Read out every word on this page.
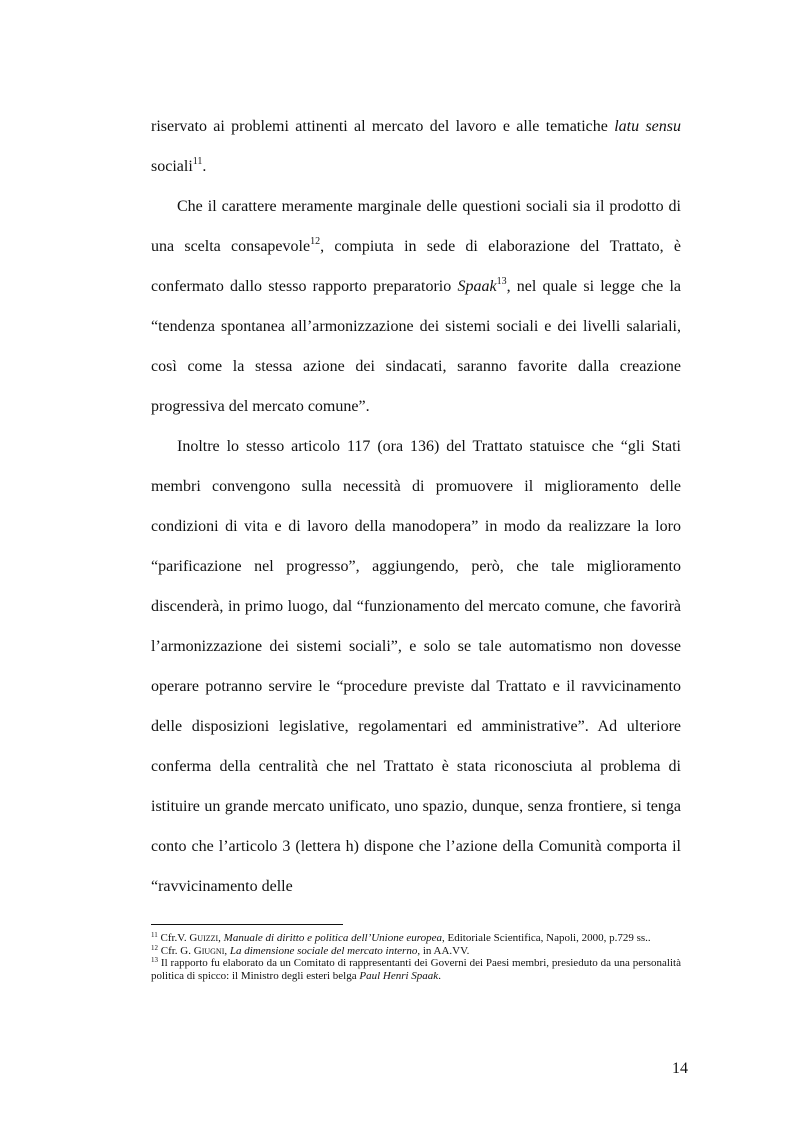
riservato ai problemi attinenti al mercato del lavoro e alle tematiche latu sensu sociali$^{11}$.

Che il carattere meramente marginale delle questioni sociali sia il prodotto di una scelta consapevole$^{12}$, compiuta in sede di elaborazione del Trattato, è confermato dallo stesso rapporto preparatorio Spaak$^{13}$, nel quale si legge che la “tendenza spontanea all’armonizzazione dei sistemi sociali e dei livelli salariali, così come la stessa azione dei sindacati, saranno favorite dalla creazione progressiva del mercato comune”.

Inoltre lo stesso articolo 117 (ora 136) del Trattato statuisce che “gli Stati membri convengono sulla necessità di promuovere il miglioramento delle condizioni di vita e di lavoro della manodopera” in modo da realizzare la loro “parificazione nel progresso”, aggiungendo, però, che tale miglioramento discenderà, in primo luogo, dal “funzionamento del mercato comune, che favorirà l’armonizzazione dei sistemi sociali”, e solo se tale automatismo non dovesse operare potranno servire le “procedure previste dal Trattato e il ravvicinamento delle disposizioni legislative, regolamentari ed amministrative”. Ad ulteriore conferma della centralità che nel Trattato è stata riconosciuta al problema di istituire un grande mercato unificato, uno spazio, dunque, senza frontiere, si tenga conto che l’articolo 3 (lettera h) dispone che l’azione della Comunità comporta il “ravvicinamento delle

$^{11}$ Cfr.V. Guizzi, Manuale di diritto e politica dell’Unione europea, Editoriale Scientifica, Napoli, 2000, p.729 ss..

$^{12}$ Cfr. G. Giugni, La dimensione sociale del mercato interno, in AA.VV.

$^{13}$ Il rapporto fu elaborato da un Comitato di rappresentanti dei Governi dei Paesi membri, presieduto da una personalità politica di spicco: il Ministro degli esteri belga Paul Henri Spaak.

14
